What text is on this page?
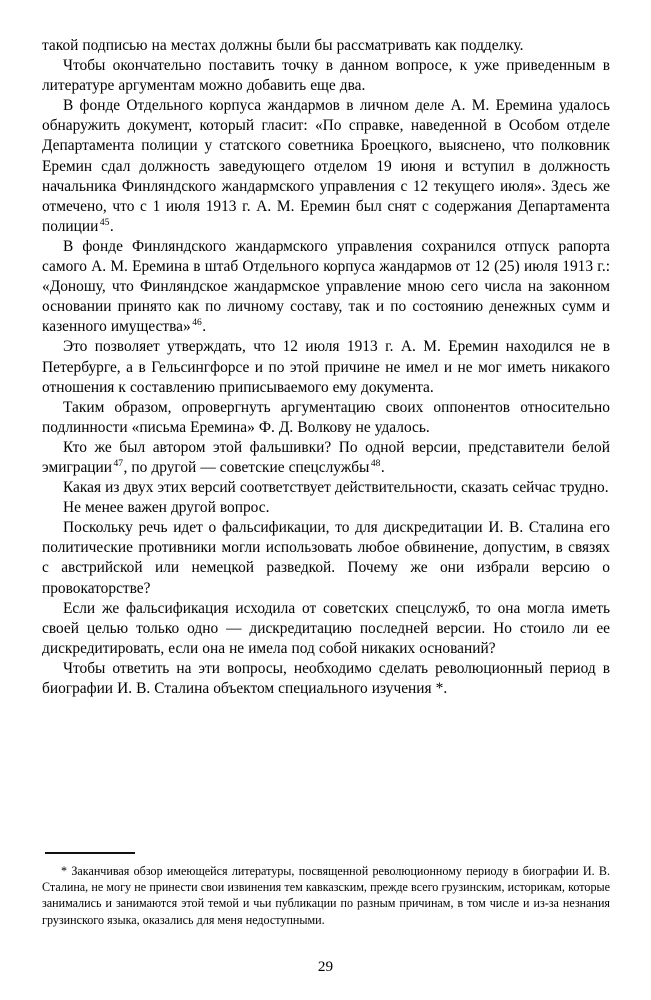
такой подписью на местах должны были бы рассматривать как подделку.

Чтобы окончательно поставить точку в данном вопросе, к уже приведенным в литературе аргументам можно добавить еще два.

В фонде Отдельного корпуса жандармов в личном деле А. М. Еремина удалось обнаружить документ, который гласит: «По справке, наведенной в Особом отделе Департамента полиции у статского советника Броецкого, выяснено, что полковник Еремин сдал должность заведующего отделом 19 июня и вступил в должность начальника Финляндского жандармского управления с 12 текущего июля». Здесь же отмечено, что с 1 июля 1913 г. А. М. Еремин был снят с содержания Департамента полиции $^{45}$.

В фонде Финляндского жандармского управления сохранился отпуск рапорта самого А. М. Еремина в штаб Отдельного корпуса жандармов от 12 (25) июля 1913 г.: «Доношу, что Финляндское жандармское управление мною сего числа на законном основании принято как по личному составу, так и по состоянию денежных сумм и казенного имущества» $^{46}$.

Это позволяет утверждать, что 12 июля 1913 г. А. М. Еремин находился не в Петербурге, а в Гельсингфорсе и по этой причине не имел и не мог иметь никакого отношения к составлению приписываемого ему документа.

Таким образом, опровергнуть аргументацию своих оппонентов относительно подлинности «письма Еремина» Ф. Д. Волкову не удалось.

Кто же был автором этой фальшивки? По одной версии, представители белой эмиграции $^{47}$, по другой — советские спецслужбы $^{48}$.

Какая из двух этих версий соответствует действительности, сказать сейчас трудно.

Не менее важен другой вопрос.

Поскольку речь идет о фальсификации, то для дискредитации И. В. Сталина его политические противники могли использовать любое обвинение, допустим, в связях с австрийской или немецкой разведкой. Почему же они избрали версию о провокаторстве?

Если же фальсификация исходила от советских спецслужб, то она могла иметь своей целью только одно — дискредитацию последней версии. Но стоило ли ее дискредитировать, если она не имела под собой никаких оснований?

Чтобы ответить на эти вопросы, необходимо сделать революционный период в биографии И. В. Сталина объектом специального изучения *.

* Заканчивая обзор имеющейся литературы, посвященной революционному периоду в биографии И. В. Сталина, не могу не принести свои извинения тем кавказским, прежде всего грузинским, историкам, которые занимались и занимаются этой темой и чьи публикации по разным причинам, в том числе и из-за незнания грузинского языка, оказались для меня недоступными.

29
